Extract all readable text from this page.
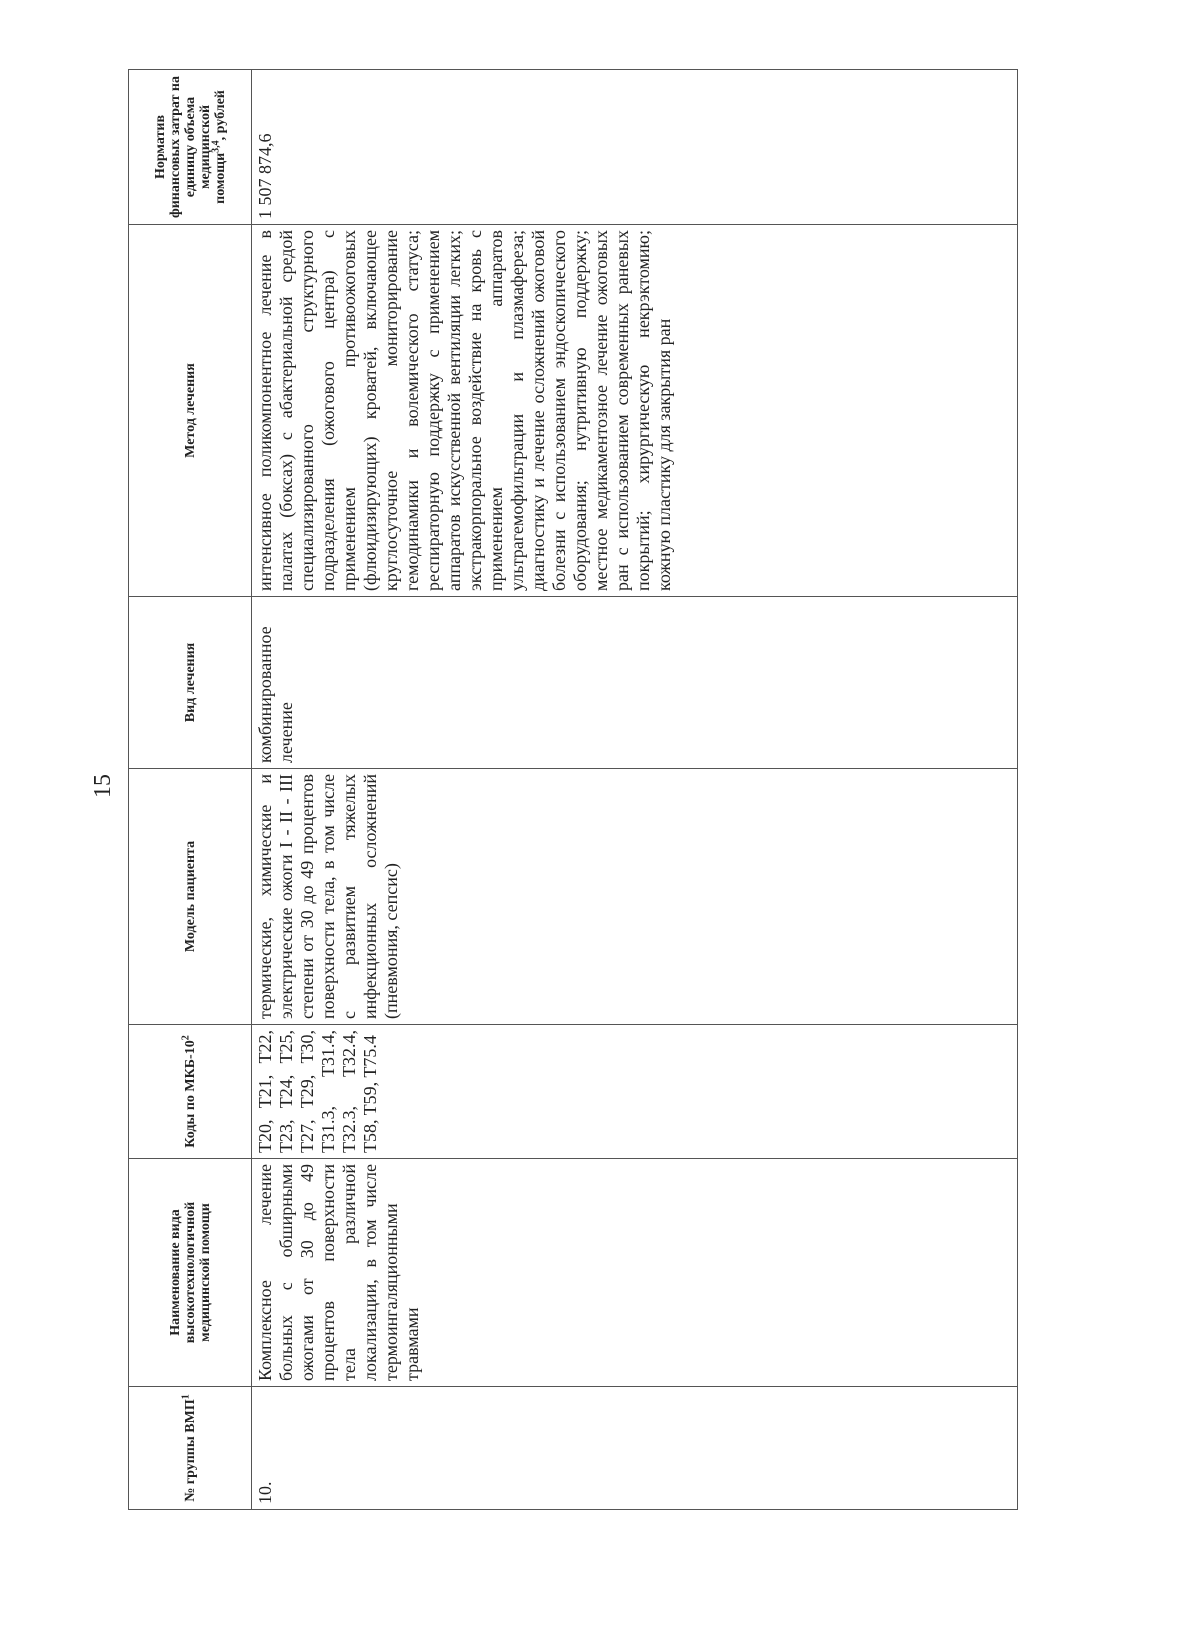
15
№ группы ВМП$^1$	Наименование вида высокотехнологичной медицинской помощи	Коды по МКБ-$10^2$	Модель пациента	Вид лечения	Метод лечения	Норматив финансовых затрат на единицу объема медицинской помощи$^{3,4}$, рублей
10.	Комплексное лечение больных с обширными ожогами от 30 до 49 процентов поверхности тела различной локализации, в том числе термоингаляционными травмами	T20, T21, T22, T23, T24, T25, T27, T29, T30, T31.3, T31.4, T32.3, T32.4, T58, T59, T75.4	термические, химические и электрические ожоги I - II - III степени от 30 до 49 процентов поверхности тела, в том числе с развитием тяжелых инфекционных осложнений (пневмония, сепсис)	комбинированное лечение	интенсивное поликомпонентное лечение в палатах (боксах) с абактериальной средой специализированного структурного подразделения (ожогового центра) с применением противоожоговых (флюидизирующих) кроватей, включающее круглосуточное мониторирование гемодинамики и волемического статуса; респираторную поддержку с применением аппаратов искусственной вентиляции легких; экстракорпоральное воздействие на кровь с применением аппаратов ультрагемофильтрации и плазмафереза; диагностику и лечение осложнений ожоговой болезни с использованием эндоскопического оборудования; нутритивную поддержку; местное медикаментозное лечение ожоговых ран с использованием современных раневых покрытий; хирургическую некрэктомию; кожную пластику для закрытия ран	1 507 874,6
